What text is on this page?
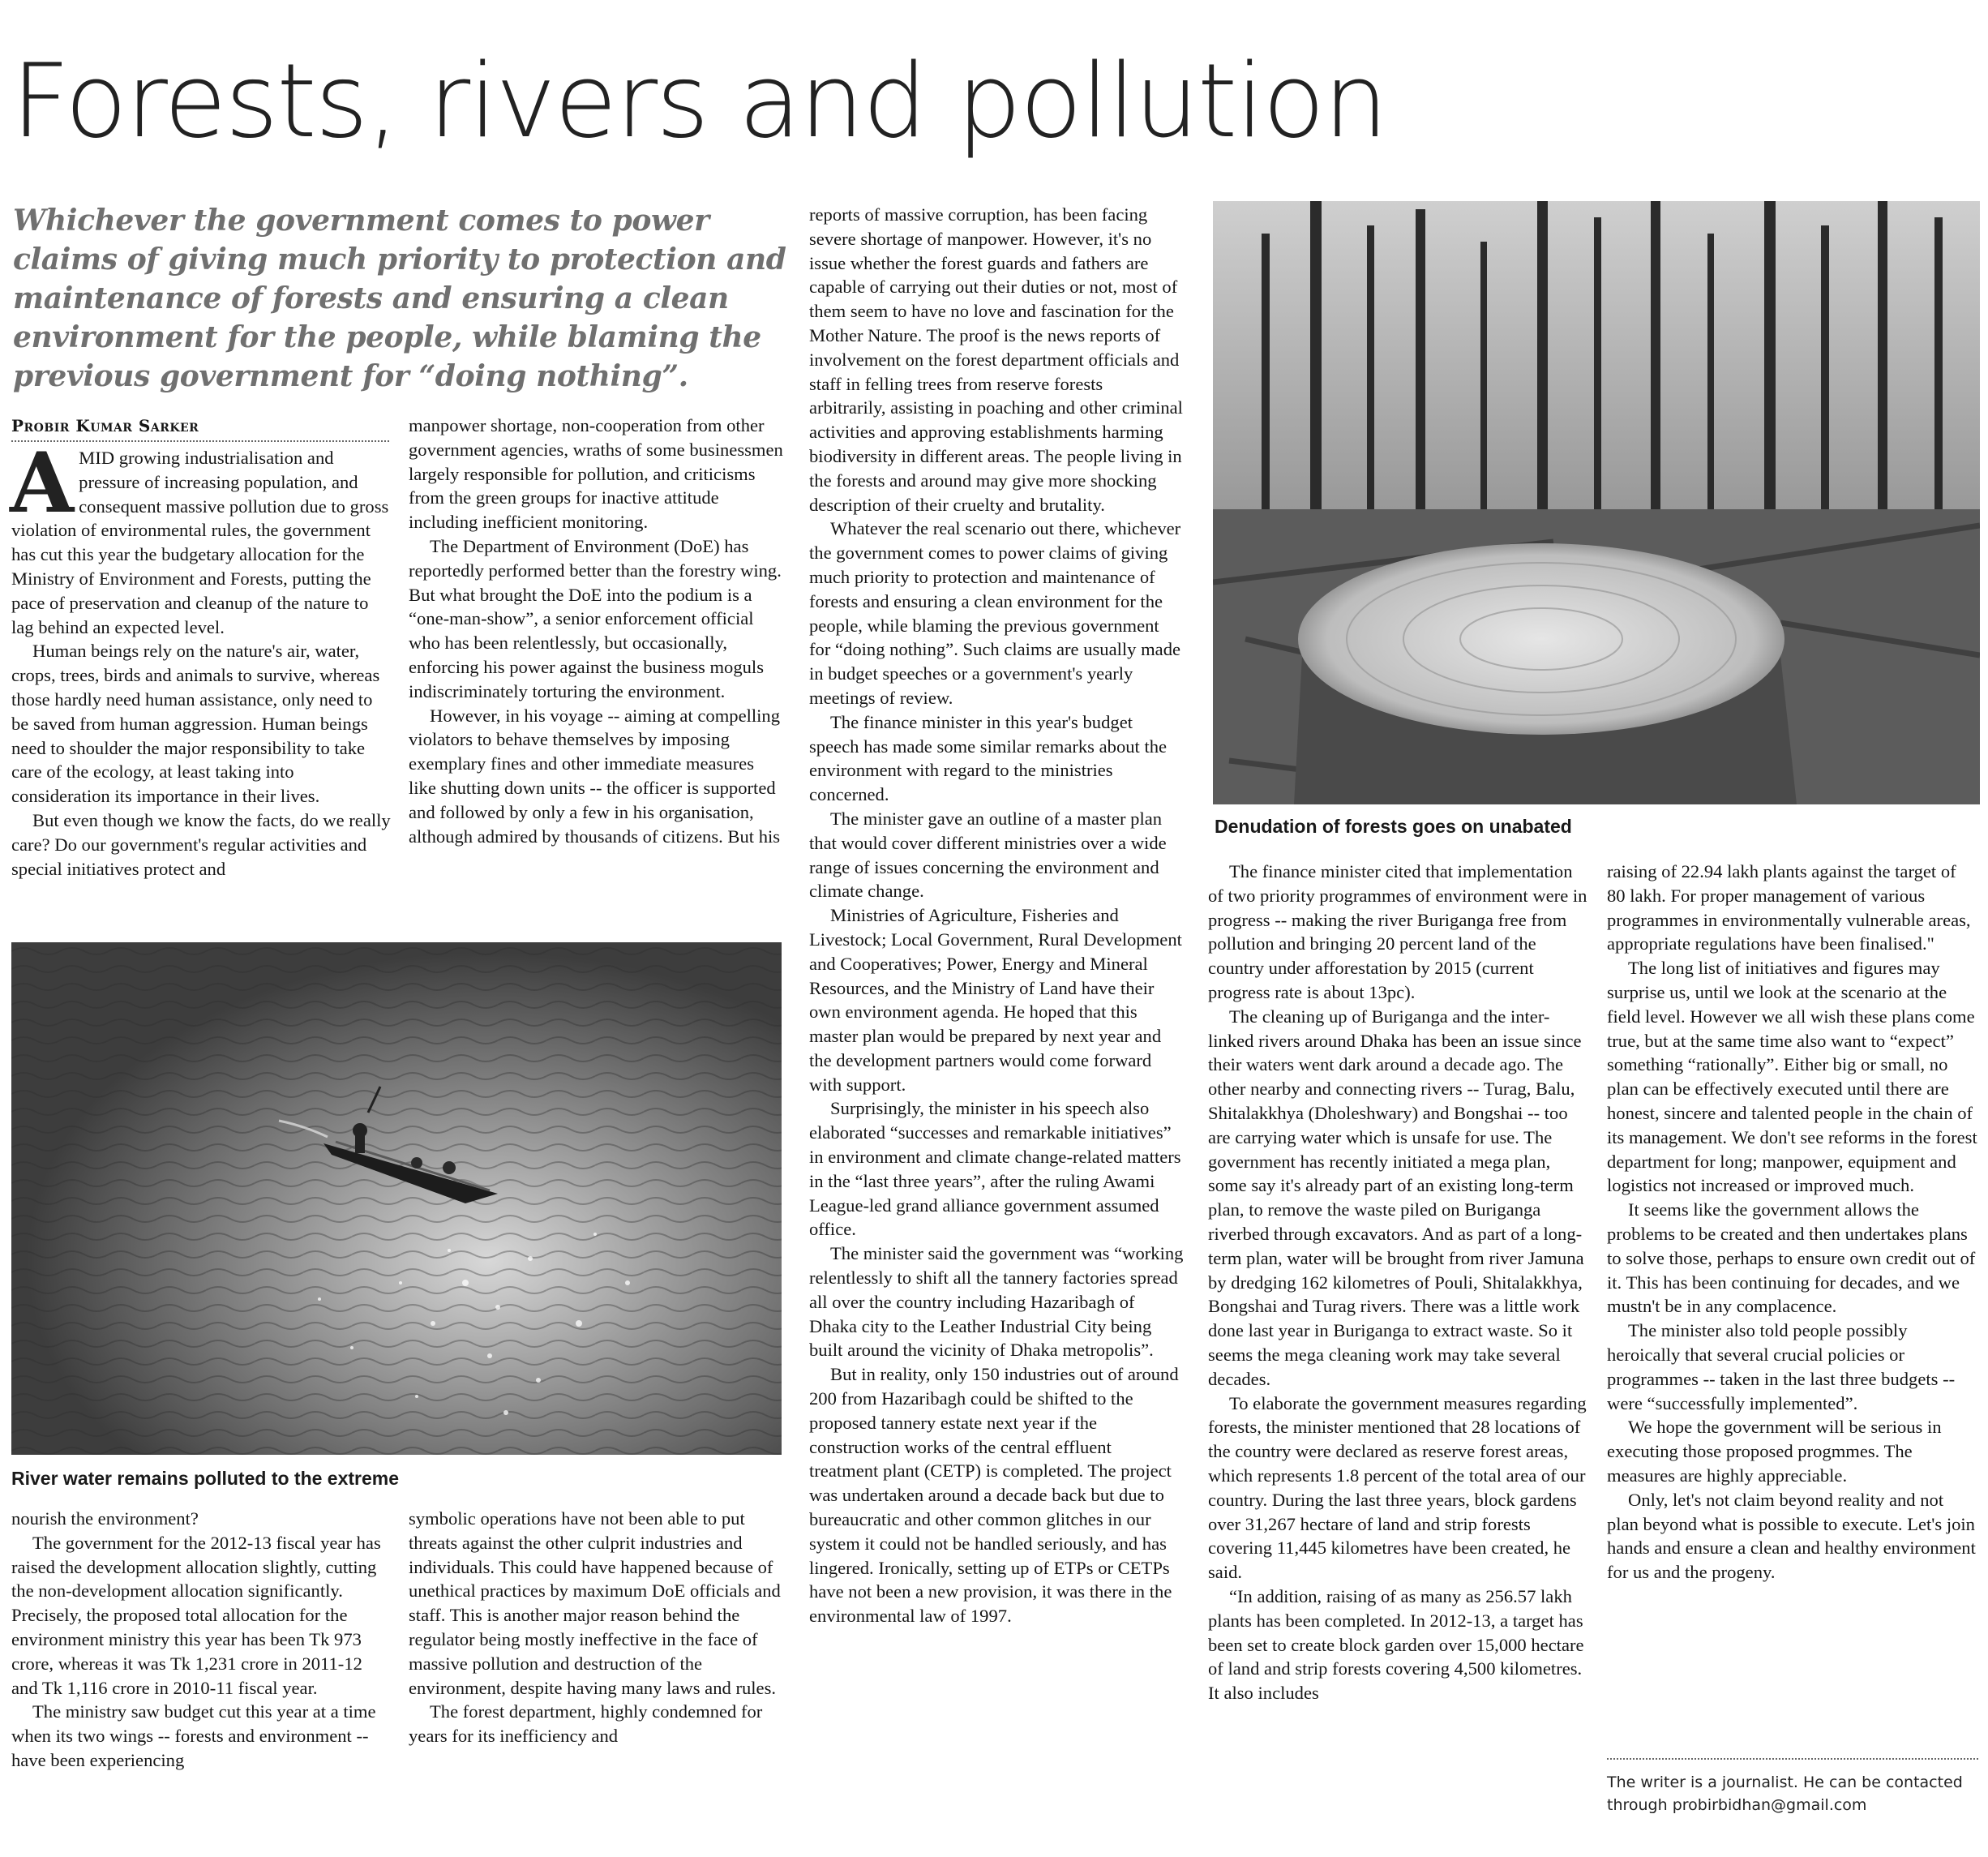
Forests, rivers and pollution
Whichever the government comes to power claims of giving much priority to protection and maintenance of forests and ensuring a clean environment for the people, while blaming the previous government for “doing nothing”.
Probir Kumar Sarker
A MID growing industrialisation and pressure of increasing population, and consequent massive pollution due to gross violation of environmental rules, the government has cut this year the budgetary allocation for the Ministry of Environment and Forests, putting the pace of preservation and cleanup of the nature to lag behind an expected level.

Human beings rely on the nature's air, water, crops, trees, birds and animals to survive, whereas those hardly need human assistance, only need to be saved from human aggression. Human beings need to shoulder the major responsibility to take care of the ecology, at least taking into consideration its importance in their lives.

But even though we know the facts, do we really care? Do our government's regular activities and special initiatives protect and

manpower shortage, non-cooperation from other government agencies, wraths of some businessmen largely responsible for pollution, and criticisms from the green groups for inactive attitude including inefficient monitoring.

The Department of Environment (DoE) has reportedly performed better than the forestry wing. But what brought the DoE into the podium is a “one-man-show”, a senior enforcement official who has been relentlessly, but occasionally, enforcing his power against the business moguls indiscriminately torturing the environment.

However, in his voyage -- aiming at compelling violators to behave themselves by imposing exemplary fines and other immediate measures like shutting down units -- the officer is supported and followed by only a few in his organisation, although admired by thousands of citizens. But his

River water remains polluted to the extreme

nourish the environment?

The government for the 2012-13 fiscal year has raised the development allocation slightly, cutting the non-development allocation significantly. Precisely, the proposed total allocation for the environment ministry this year has been Tk 973 crore, whereas it was Tk 1,231 crore in 2011-12 and Tk 1,116 crore in 2010-11 fiscal year.

The ministry saw budget cut this year at a time when its two wings -- forests and environment -- have been experiencing

symbolic operations have not been able to put threats against the other culprit industries and individuals. This could have happened because of unethical practices by maximum DoE officials and staff. This is another major reason behind the regulator being mostly ineffective in the face of massive pollution and destruction of the environment, despite having many laws and rules.

The forest department, highly condemned for years for its inefficiency and

reports of massive corruption, has been facing severe shortage of manpower. However, it's no issue whether the forest guards and fathers are capable of carrying out their duties or not, most of them seem to have no love and fascination for the Mother Nature. The proof is the news reports of involvement on the forest department officials and staff in felling trees from reserve forests arbitrarily, assisting in poaching and other criminal activities and approving establishments harming biodiversity in different areas. The people living in the forests and around may give more shocking description of their cruelty and brutality.

Whatever the real scenario out there, whichever the government comes to power claims of giving much priority to protection and maintenance of forests and ensuring a clean environment for the people, while blaming the previous government for “doing nothing”. Such claims are usually made in budget speeches or a government's yearly meetings of review.

The finance minister in this year's budget speech has made some similar remarks about the environment with regard to the ministries concerned.

The minister gave an outline of a master plan that would cover different ministries over a wide range of issues concerning the environment and climate change.

Ministries of Agriculture, Fisheries and Livestock; Local Government, Rural Development and Cooperatives; Power, Energy and Mineral Resources, and the Ministry of Land have their own environment agenda. He hoped that this master plan would be prepared by next year and the development partners would come forward with support.

Surprisingly, the minister in his speech also elaborated “successes and remarkable initiatives” in environment and climate change-related matters in the “last three years”, after the ruling Awami League-led grand alliance government assumed office.

The minister said the government was “working relentlessly to shift all the tannery factories spread all over the country including Hazaribagh of Dhaka city to the Leather Industrial City being built around the vicinity of Dhaka metropolis”.

But in reality, only 150 industries out of around 200 from Hazaribagh could be shifted to the proposed tannery estate next year if the construction works of the central effluent treatment plant (CETP) is completed. The project was undertaken around a decade back but due to bureaucratic and other common glitches in our system it could not be handled seriously, and has lingered. Ironically, setting up of ETPs or CETPs have not been a new provision, it was there in the environmental law of 1997.

Denudation of forests goes on unabated

The finance minister cited that implementation of two priority programmes of environment were in progress -- making the river Buriganga free from pollution and bringing 20 percent land of the country under afforestation by 2015 (current progress rate is about 13pc).

The cleaning up of Buriganga and the inter-linked rivers around Dhaka has been an issue since their waters went dark around a decade ago. The other nearby and connecting rivers -- Turag, Balu, Shitalakkhya (Dholeshwary) and Bongshai -- too are carrying water which is unsafe for use. The government has recently initiated a mega plan, some say it's already part of an existing long-term plan, to remove the waste piled on Buriganga riverbed through excavators. And as part of a long-term plan, water will be brought from river Jamuna by dredging 162 kilometres of Pouli, Shitalakkhya, Bongshai and Turag rivers. There was a little work done last year in Buriganga to extract waste. So it seems the mega cleaning work may take several decades.

To elaborate the government measures regarding forests, the minister mentioned that 28 locations of the country were declared as reserve forest areas, which represents 1.8 percent of the total area of our country. During the last three years, block gardens over 31,267 hectare of land and strip forests covering 11,445 kilometres have been created, he said.

“In addition, raising of as many as 256.57 lakh plants has been completed. In 2012-13, a target has been set to create block garden over 15,000 hectare of land and strip forests covering 4,500 kilometres. It also includes

raising of 22.94 lakh plants against the target of 80 lakh. For proper management of various programmes in environmentally vulnerable areas, appropriate regulations have been finalised."

The long list of initiatives and figures may surprise us, until we look at the scenario at the field level. However we all wish these plans come true, but at the same time also want to “expect” something “rationally”. Either big or small, no plan can be effectively executed until there are honest, sincere and talented people in the chain of its management. We don't see reforms in the forest department for long; manpower, equipment and logistics not increased or improved much.

It seems like the government allows the problems to be created and then undertakes plans to solve those, perhaps to ensure own credit out of it. This has been continuing for decades, and we mustn't be in any complacence.

The minister also told people possibly heroically that several crucial policies or programmes -- taken in the last three budgets -- were “successfully implemented”.

We hope the government will be serious in executing those proposed progmmes. The measures are highly appreciable.

Only, let's not claim beyond reality and not plan beyond what is possible to execute. Let's join hands and ensure a clean and healthy environment for us and the progeny.

The writer is a journalist. He can be contacted through probirbidhan@gmail.com
